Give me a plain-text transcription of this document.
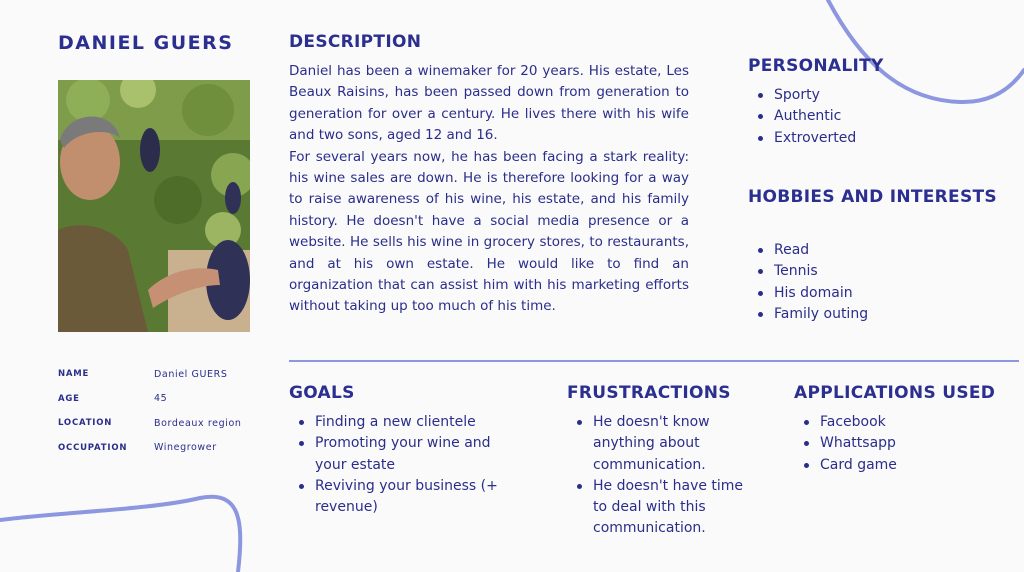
DANIEL GUERS
NAME	Daniel GUERS
AGE	45
LOCATION	Bordeaux region
OCCUPATION	Winegrower
DESCRIPTION

Daniel has been a winemaker for 20 years. His estate, Les Beaux Raisins, has been passed down from generation to generation for over a century. He lives there with his wife and two sons, aged 12 and 16.

For several years now, he has been facing a stark reality: his wine sales are down. He is therefore looking for a way to raise awareness of his wine, his estate, and his family history. He doesn't have a social media presence or a website. He sells his wine in grocery stores, to restaurants, and at his own estate. He would like to find an organization that can assist him with his marketing efforts without taking up too much of his time.

PERSONALITY
Sporty
Authentic
Extroverted
HOBBIES AND INTERESTS
Read
Tennis
His domain
Family outing
GOALS
Finding a new clientele
Promoting your wine and your estate
Reviving your business (+ revenue)
FRUSTRACTIONS
He doesn't know anything about communication.
He doesn't have time to deal with this communication.
APPLICATIONS USED
Facebook
Whattsapp
Card game
